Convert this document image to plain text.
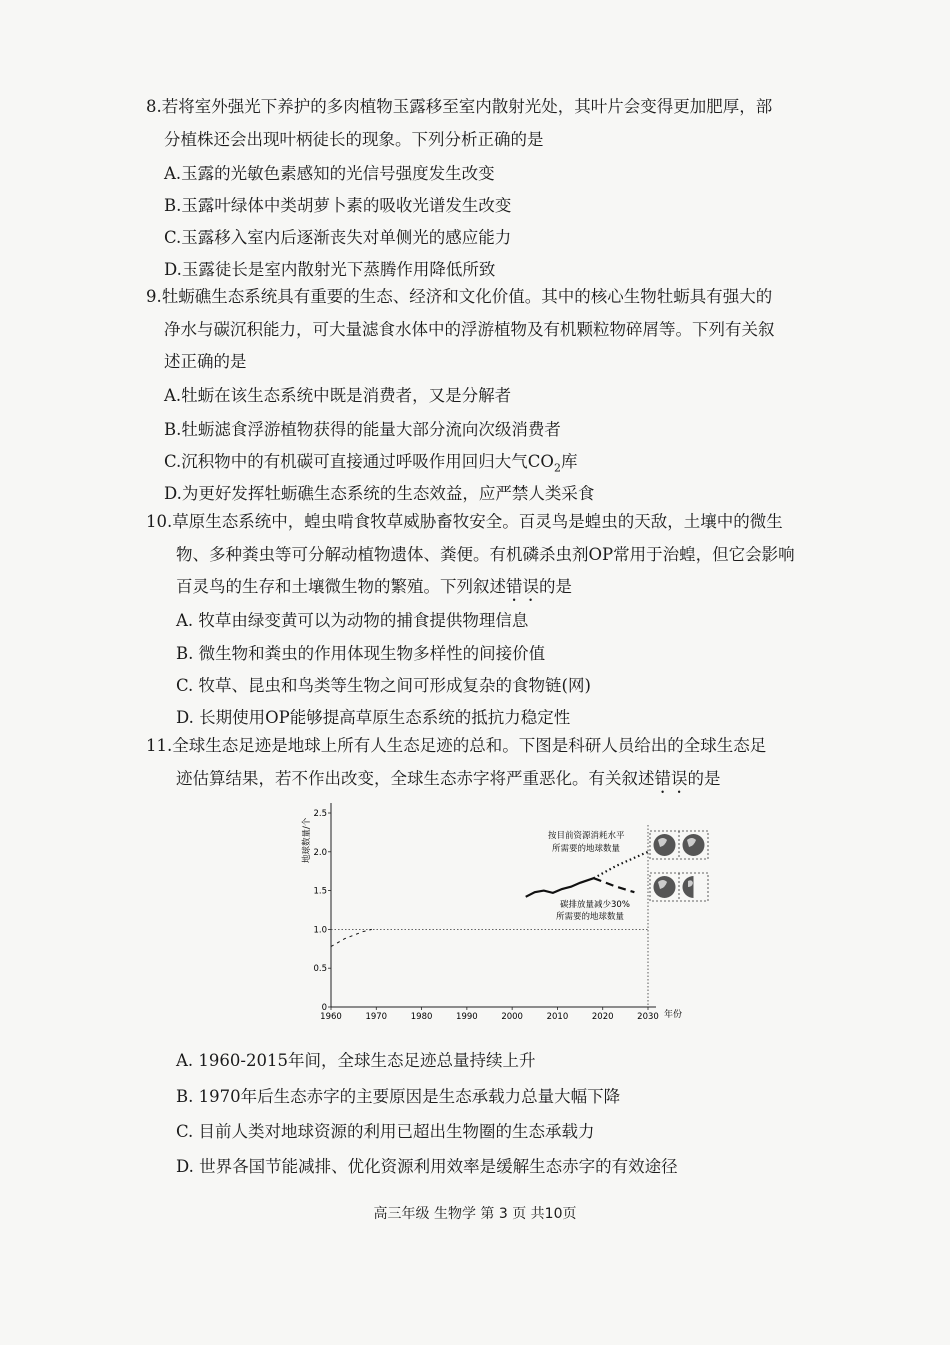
8.若将室外强光下养护的多肉植物玉露移至室内散射光处，其叶片会变得更加肥厚，部

分植株还会出现叶柄徒长的现象。下列分析正确的是

A.玉露的光敏色素感知的光信号强度发生改变
B.玉露叶绿体中类胡萝卜素的吸收光谱发生改变
C.玉露移入室内后逐渐丧失对单侧光的感应能力
D.玉露徒长是室内散射光下蒸腾作用降低所致

9.牡蛎礁生态系统具有重要的生态、经济和文化价值。其中的核心生物牡蛎具有强大的

净水与碳沉积能力，可大量滤食水体中的浮游植物及有机颗粒物碎屑等。下列有关叙

述正确的是

A.牡蛎在该生态系统中既是消费者，又是分解者
B.牡蛎滤食浮游植物获得的能量大部分流向次级消费者
C.沉积物中的有机碳可直接通过呼吸作用回归大气$CO_2$库
D.为更好发挥牡蛎礁生态系统的生态效益，应严禁人类采食

10.草原生态系统中，蝗虫啃食牧草威胁畜牧安全。百灵鸟是蝗虫的天敌，土壤中的微生

物、多种粪虫等可分解动植物遗体、粪便。有机磷杀虫剂OP常用于治蝗，但它会影响

百灵鸟的生存和土壤微生物的繁殖。下列叙述错误的是

A. 牧草由绿变黄可以为动物的捕食提供物理信息
B. 微生物和粪虫的作用体现生物多样性的间接价值
C. 牧草、昆虫和鸟类等生物之间可形成复杂的食物链(网)
D. 长期使用OP能够提高草原生态系统的抵抗力稳定性

11.全球生态足迹是地球上所有人生态足迹的总和。下图是科研人员给出的全球生态足

迹估算结果，若不作出改变，全球生态赤字将严重恶化。有关叙述错误的是

1960	1970	1980	1990	2000	2010	2020	2030
0
0.5
1.0
1.5
2.0
2.5
地球数量/个
年份
按目前资源消耗水平
所需要的地球数量
碳排放量减少30%
所需要的地球数量
A. 1960-2015年间，全球生态足迹总量持续上升
B. 1970年后生态赤字的主要原因是生态承载力总量大幅下降
C. 目前人类对地球资源的利用已超出生物圈的生态承载力
D. 世界各国节能减排、优化资源利用效率是缓解生态赤字的有效途径
高三年级 生物学 第 3 页 共10页
